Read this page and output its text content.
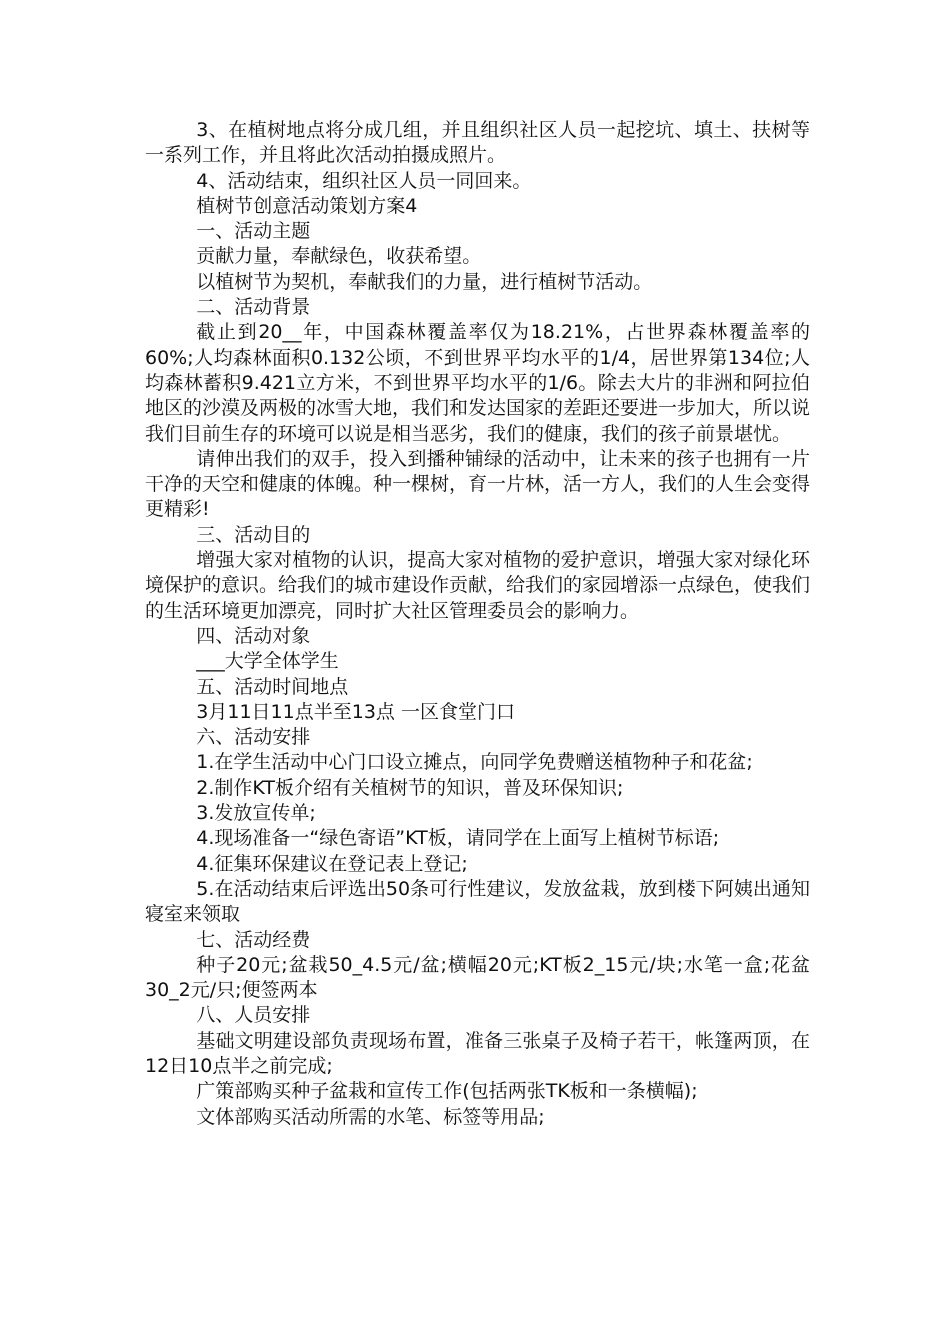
3、在植树地点将分成几组，并且组织社区人员一起挖坑、填土、扶树等一系列工作，并且将此次活动拍摄成照片。

4、活动结束，组织社区人员一同回来。

植树节创意活动策划方案4

一、活动主题

贡献力量，奉献绿色，收获希望。

以植树节为契机，奉献我们的力量，进行植树节活动。

二、活动背景

截止到20__年，中国森林覆盖率仅为18.21%，占世界森林覆盖率的60%;人均森林面积0.132公顷，不到世界平均水平的1/4，居世界第134位;人均森林蓄积9.421立方米，不到世界平均水平的1/6。除去大片的非洲和阿拉伯地区的沙漠及两极的冰雪大地，我们和发达国家的差距还要进一步加大，所以说我们目前生存的环境可以说是相当恶劣，我们的健康，我们的孩子前景堪忧。

请伸出我们的双手，投入到播种铺绿的活动中，让未来的孩子也拥有一片干净的天空和健康的体魄。种一棵树，育一片林，活一方人，我们的人生会变得更精彩!

三、活动目的

增强大家对植物的认识，提高大家对植物的爱护意识，增强大家对绿化环境保护的意识。给我们的城市建设作贡献，给我们的家园增添一点绿色，使我们的生活环境更加漂亮，同时扩大社区管理委员会的影响力。

四、活动对象

___大学全体学生

五、活动时间地点

3月11日11点半至13点 一区食堂门口

六、活动安排

1.在学生活动中心门口设立摊点，向同学免费赠送植物种子和花盆;

2.制作KT板介绍有关植树节的知识，普及环保知识;

3.发放宣传单;

4.现场准备一“绿色寄语”KT板，请同学在上面写上植树节标语;

4.征集环保建议在登记表上登记;

5.在活动结束后评选出50条可行性建议，发放盆栽，放到楼下阿姨出通知寝室来领取

七、活动经费

种子20元;盆栽50_4.5元/盆;横幅20元;KT板2_15元/块;水笔一盒;花盆30_2元/只;便签两本

八、人员安排

基础文明建设部负责现场布置，准备三张桌子及椅子若干，帐篷两顶，在12日10点半之前完成;

广策部购买种子盆栽和宣传工作(包括两张TK板和一条横幅);

文体部购买活动所需的水笔、标签等用品;
